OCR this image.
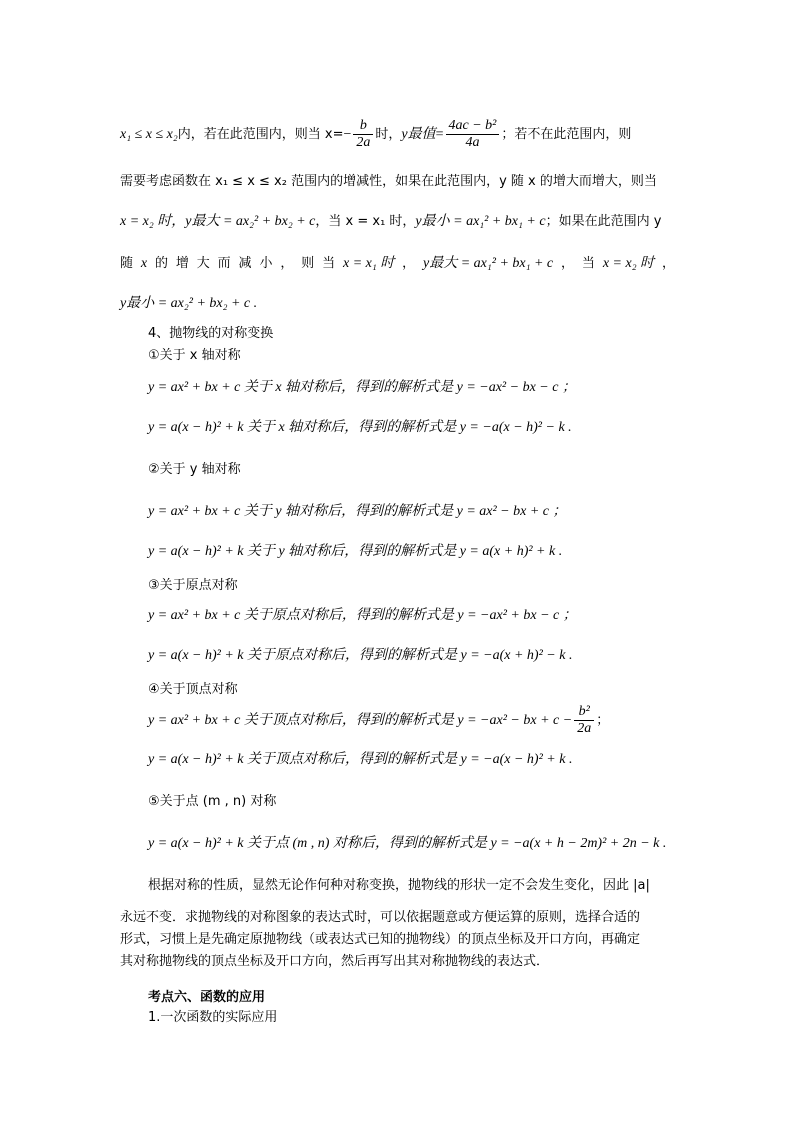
x₁ ≤ x ≤ x₂内，若在此范围内，则当 $x=- \frac{b}{2a}$ 时，y最值= $\frac{\text{4ac − b²}}{4a}$ ；若不在此范围内，则
需要考虑函数在 x₁ ≤ x ≤ x₂ 范围内的增减性，如果在此范围内，y 随 x 的增大而增大，则当
x = x₂ 时，y最大 = ax₂² + bx₂ + c，当 x = x₁ 时，y最小 = ax₁² + bx₁ + c；如果在此范围内 y
随 x 的 增 大 而 减 小 ， 则 当 x = x₁ 时 ， y最大 = ax₁² + bx₁ + c ， 当 x = x₂ 时 ，
y最小 = ax₂² + bx₂ + c .
4、抛物线的对称变换
①关于 x 轴对称
y = ax² + bx + c 关于 x 轴对称后，得到的解析式是 y = −ax² − bx − c ；
y = a(x − h)² + k 关于 x 轴对称后，得到的解析式是 y = −a(x − h)² − k .
②关于 y 轴对称
y = ax² + bx + c 关于 y 轴对称后，得到的解析式是 y = ax² − bx + c ；
y = a(x − h)² + k 关于 y 轴对称后，得到的解析式是 y = a(x + h)² + k .
③关于原点对称
y = ax² + bx + c 关于原点对称后，得到的解析式是 y = −ax² + bx − c ；
y = a(x − h)² + k 关于原点对称后，得到的解析式是 y = −a(x + h)² − k .
④关于顶点对称
y = ax² + bx + c 关于顶点对称后，得到的解析式是 y = −ax² − bx + $c - \frac{\text{b²}}{2a}$ ；
y = a(x − h)² + k 关于顶点对称后，得到的解析式是 y = −a(x − h)² + k .
⑤关于点 (m , n) 对称
y = a(x − h)² + k 关于点 (m , n) 对称后，得到的解析式是 y = −a(x + h − 2m)² + 2n − k .
根据对称的性质，显然无论作何种对称变换，抛物线的形状一定不会发生变化，因此 |a|
永远不变．求抛物线的对称图象的表达式时，可以依据题意或方便运算的原则，选择合适的
形式，习惯上是先确定原抛物线（或表达式已知的抛物线）的顶点坐标及开口方向，再确定
其对称抛物线的顶点坐标及开口方向，然后再写出其对称抛物线的表达式．
考点六、函数的应用
1.一次函数的实际应用
